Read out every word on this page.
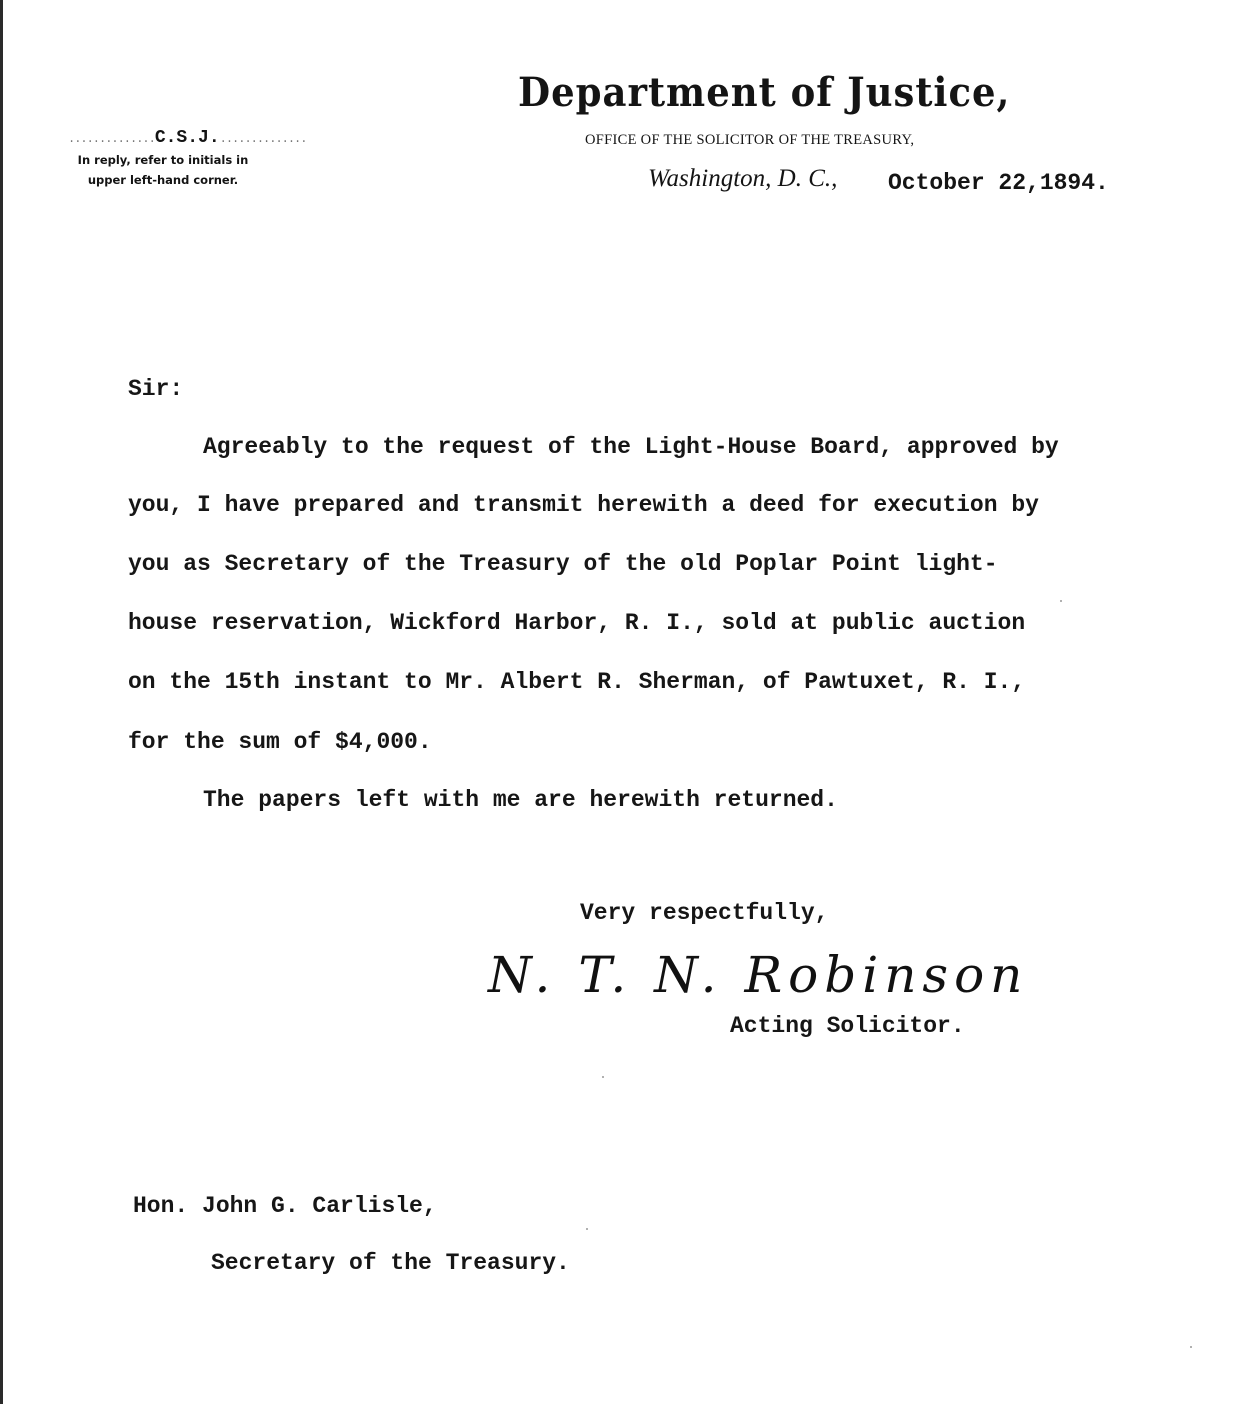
Department of Justice,
OFFICE OF THE SOLICITOR OF THE TREASURY,
Washington, D. C., October 22,1894.
..............C.S.J...............
In reply, refer to initials in
upper left-hand corner.
Sir:
Agreeably to the request of the Light-House Board, approved by
you, I have prepared and transmit herewith a deed for execution by
you as Secretary of the Treasury of the old Poplar Point light-
house reservation, Wickford Harbor, R. I., sold at public auction
on the 15th instant to Mr. Albert R. Sherman, of Pawtuxet, R. I.,
for the sum of $4,000.
The papers left with me are herewith returned.
Very respectfully,
N. T. N. Robinson
Acting Solicitor.
Hon. John G. Carlisle,
Secretary of the Treasury.
